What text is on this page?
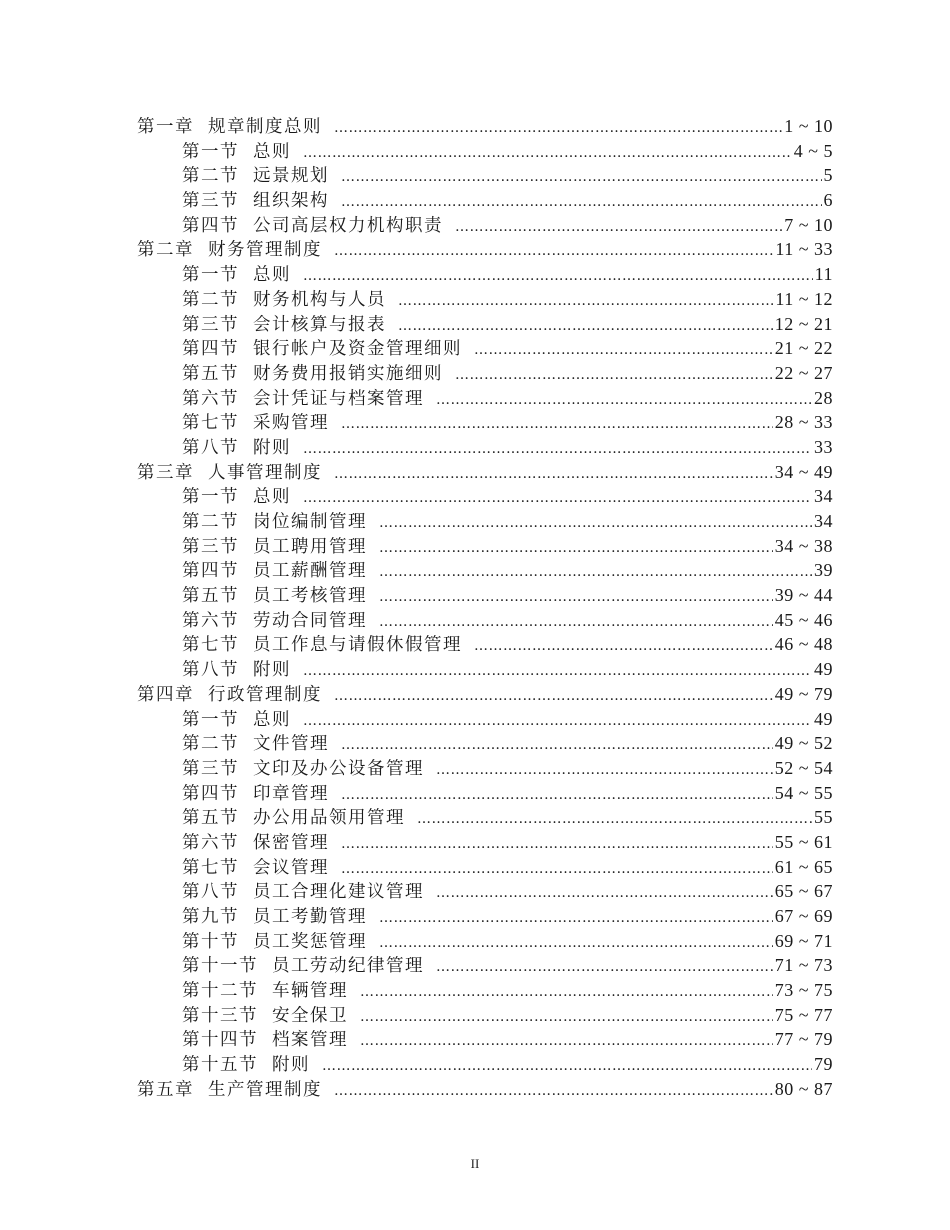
第一章 规章制度总则 ……………………………………………………………………………………………………………………………………………………………………………	1 ~ 10
第一节 总则 ……………………………………………………………………………………………………………………………………………………………………………	4 ~ 5
第二节 远景规划 ……………………………………………………………………………………………………………………………………………………………………………	5
第三节 组织架构 ……………………………………………………………………………………………………………………………………………………………………………	6
第四节 公司高层权力机构职责 ……………………………………………………………………………………………………………………………………………………………………………	7 ~ 10
第二章 财务管理制度 ……………………………………………………………………………………………………………………………………………………………………………	11 ~ 33
第一节 总则 ……………………………………………………………………………………………………………………………………………………………………………	11
第二节 财务机构与人员 ……………………………………………………………………………………………………………………………………………………………………………	11 ~ 12
第三节 会计核算与报表 ……………………………………………………………………………………………………………………………………………………………………………	12 ~ 21
第四节 银行帐户及资金管理细则 ……………………………………………………………………………………………………………………………………………………………………………	21 ~ 22
第五节 财务费用报销实施细则 ……………………………………………………………………………………………………………………………………………………………………………	22 ~ 27
第六节 会计凭证与档案管理 ……………………………………………………………………………………………………………………………………………………………………………	28
第七节 采购管理 ……………………………………………………………………………………………………………………………………………………………………………	28 ~ 33
第八节 附则 ……………………………………………………………………………………………………………………………………………………………………………	33
第三章 人事管理制度 ……………………………………………………………………………………………………………………………………………………………………………	34 ~ 49
第一节 总则 ……………………………………………………………………………………………………………………………………………………………………………	34
第二节 岗位编制管理 ……………………………………………………………………………………………………………………………………………………………………………	34
第三节 员工聘用管理 ……………………………………………………………………………………………………………………………………………………………………………	34 ~ 38
第四节 员工薪酬管理 ……………………………………………………………………………………………………………………………………………………………………………	39
第五节 员工考核管理 ……………………………………………………………………………………………………………………………………………………………………………	39 ~ 44
第六节 劳动合同管理 ……………………………………………………………………………………………………………………………………………………………………………	45 ~ 46
第七节 员工作息与请假休假管理 ……………………………………………………………………………………………………………………………………………………………………………	46 ~ 48
第八节 附则 ……………………………………………………………………………………………………………………………………………………………………………	49
第四章 行政管理制度 ……………………………………………………………………………………………………………………………………………………………………………	49 ~ 79
第一节 总则 ……………………………………………………………………………………………………………………………………………………………………………	49
第二节 文件管理 ……………………………………………………………………………………………………………………………………………………………………………	49 ~ 52
第三节 文印及办公设备管理 ……………………………………………………………………………………………………………………………………………………………………………	52 ~ 54
第四节 印章管理 ……………………………………………………………………………………………………………………………………………………………………………	54 ~ 55
第五节 办公用品领用管理 ……………………………………………………………………………………………………………………………………………………………………………	55
第六节 保密管理 ……………………………………………………………………………………………………………………………………………………………………………	55 ~ 61
第七节 会议管理 ……………………………………………………………………………………………………………………………………………………………………………	61 ~ 65
第八节 员工合理化建议管理 ……………………………………………………………………………………………………………………………………………………………………………	65 ~ 67
第九节 员工考勤管理 ……………………………………………………………………………………………………………………………………………………………………………	67 ~ 69
第十节 员工奖惩管理 ……………………………………………………………………………………………………………………………………………………………………………	69 ~ 71
第十一节 员工劳动纪律管理 ……………………………………………………………………………………………………………………………………………………………………………	71 ~ 73
第十二节 车辆管理 ……………………………………………………………………………………………………………………………………………………………………………	73 ~ 75
第十三节 安全保卫 ……………………………………………………………………………………………………………………………………………………………………………	75 ~ 77
第十四节 档案管理 ……………………………………………………………………………………………………………………………………………………………………………	77 ~ 79
第十五节 附则 ……………………………………………………………………………………………………………………………………………………………………………	79
第五章 生产管理制度 ……………………………………………………………………………………………………………………………………………………………………………	80 ~ 87
II
